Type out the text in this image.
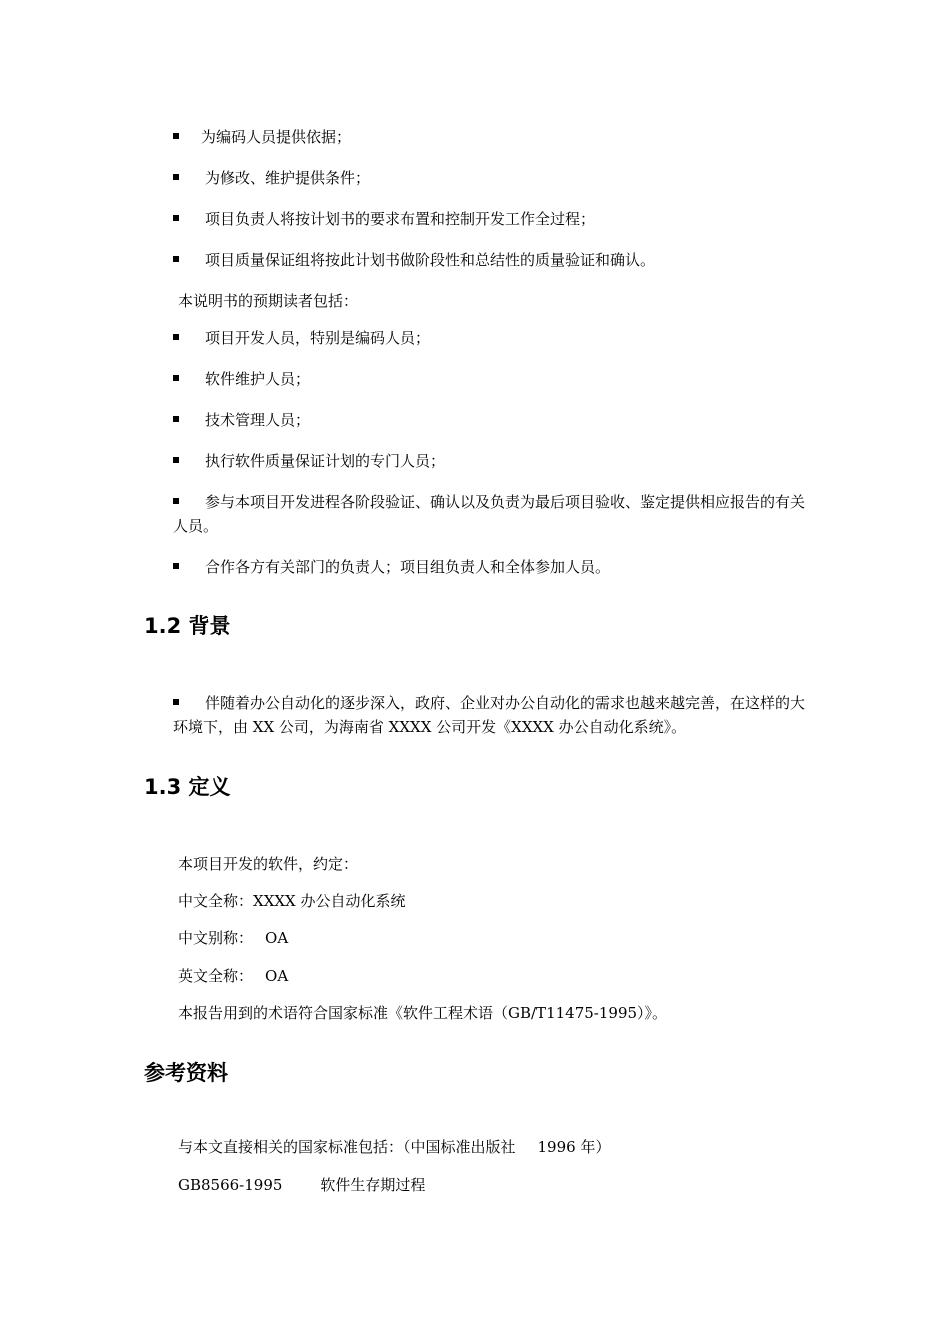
为编码人员提供依据；
为修改、维护提供条件；
项目负责人将按计划书的要求布置和控制开发工作全过程；
项目质量保证组将按此计划书做阶段性和总结性的质量验证和确认。
本说明书的预期读者包括：
项目开发人员，特别是编码人员；
软件维护人员；
技术管理人员；
执行软件质量保证计划的专门人员；
参与本项目开发进程各阶段验证、确认以及负责为最后项目验收、鉴定提供相应报告的有关人员。
合作各方有关部门的负责人；项目组负责人和全体参加人员。
1.2 背景
伴随着办公自动化的逐步深入，政府、企业对办公自动化的需求也越来越完善，在这样的大环境下，由 XX 公司，为海南省 XXXX 公司开发《XXXX 办公自动化系统》。
1.3 定义
本项目开发的软件，约定：
中文全称：XXXX 办公自动化系统
中文别称： OA
英文全称： OA
本报告用到的术语符合国家标准《软件工程术语（GB/T11475-1995）》。
参考资料
与本文直接相关的国家标准包括：（中国标准出版社 1996 年）
GB8566-1995	软件生存期过程
